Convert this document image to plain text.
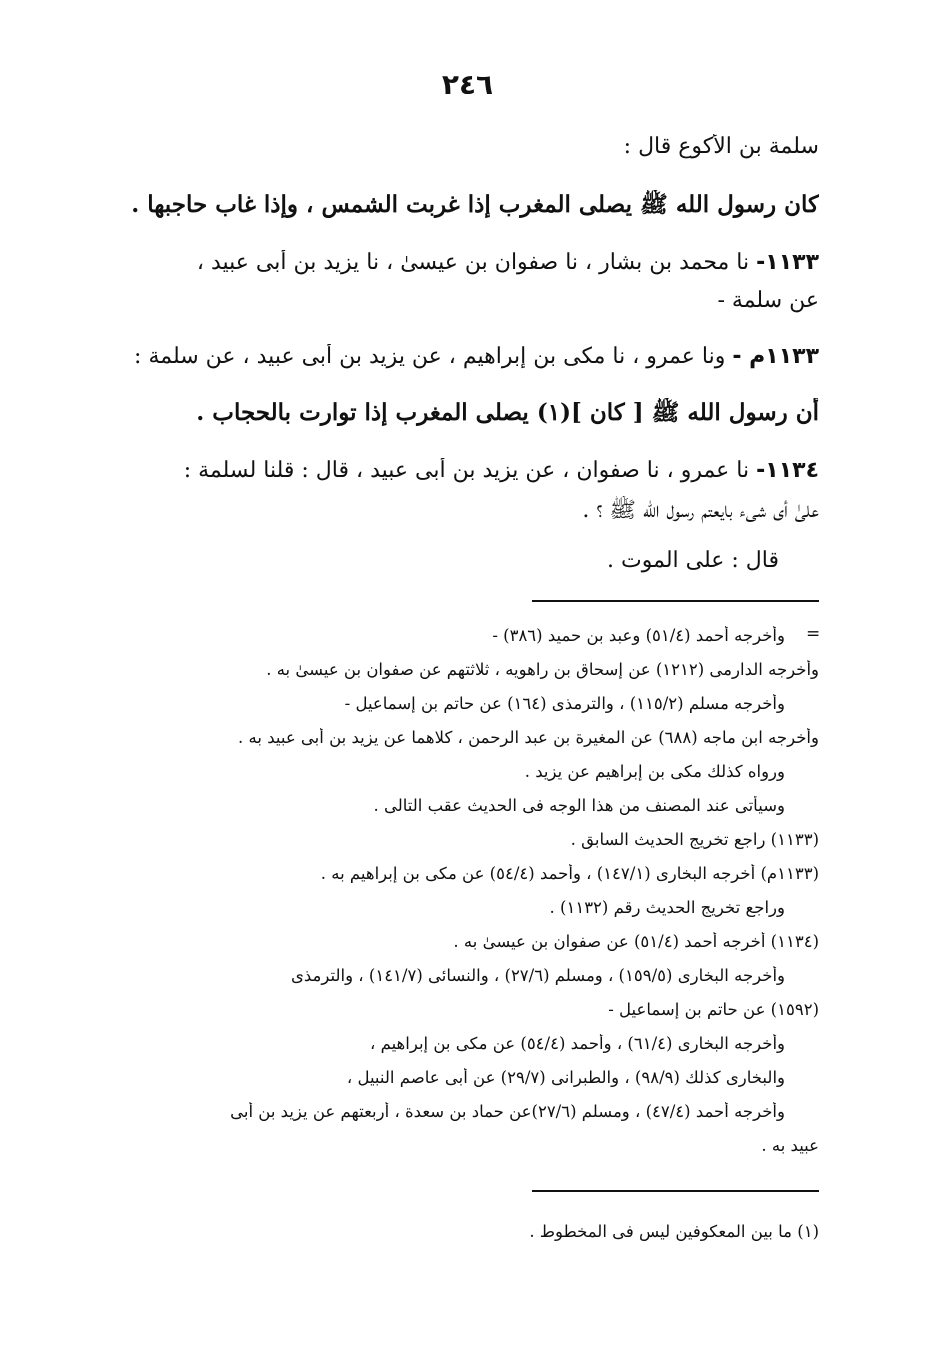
٢٤٦
سلمة بن الأكوع قال :
كان رسول الله ﷺ يصلى المغرب إذا غربت الشمس ، وإذا غاب حاجبها .
١١٣٣- نا محمد بن بشار ، نا صفوان بن عيسىٰ ، نا يزيد بن أبى عبيد ،
عن سلمة -
١١٣٣م - ونا عمرو ، نا مكى بن إبراهيم ، عن يزيد بن أبى عبيد ، عن سلمة :
أن رسول الله ﷺ [ كان ](١) يصلى المغرب إذا توارت بالحجاب .
١١٣٤- نا عمرو ، نا صفوان ، عن يزيد بن أبى عبيد ، قال : قلنا لسلمة :
علىٰ أى شىء بايعتم رسول الله ﷺ ؟ .
قال : على الموت .
=
وأخرجه أحمد (٥١/٤) وعبد بن حميد (٣٨٦) -
وأخرجه الدارمى (١٢١٢) عن إسحاق بن راهويه ، ثلاثتهم عن صفوان بن عيسىٰ به .
وأخرجه مسلم (١١٥/٢) ، والترمذى (١٦٤) عن حاتم بن إسماعيل -
وأخرجه ابن ماجه (٦٨٨) عن المغيرة بن عبد الرحمن ، كلاهما عن يزيد بن أبى عبيد به .
ورواه كذلك مكى بن إبراهيم عن يزيد .
وسيأتى عند المصنف من هذا الوجه فى الحديث عقب التالى .
(١١٣٣) راجع تخريج الحديث السابق .
(١١٣٣م) أخرجه البخارى (١٤٧/١) ، وأحمد (٥٤/٤) عن مكى بن إبراهيم به .
وراجع تخريج الحديث رقم (١١٣٢) .
(١١٣٤) أخرجه أحمد (٥١/٤) عن صفوان بن عيسىٰ به .
وأخرجه البخارى (١٥٩/٥) ، ومسلم (٢٧/٦) ، والنسائى (١٤١/٧) ، والترمذى
(١٥٩٢) عن حاتم بن إسماعيل -
وأخرجه البخارى (٦١/٤) ، وأحمد (٥٤/٤) عن مكى بن إبراهيم ،
والبخارى كذلك (٩٨/٩) ، والطبرانى (٢٩/٧) عن أبى عاصم النبيل ،
وأخرجه أحمد (٤٧/٤) ، ومسلم (٢٧/٦)عن حماد بن سعدة ، أربعتهم عن يزيد بن أبى
عبيد به .
(١) ما بين المعكوفين ليس فى المخطوط .
